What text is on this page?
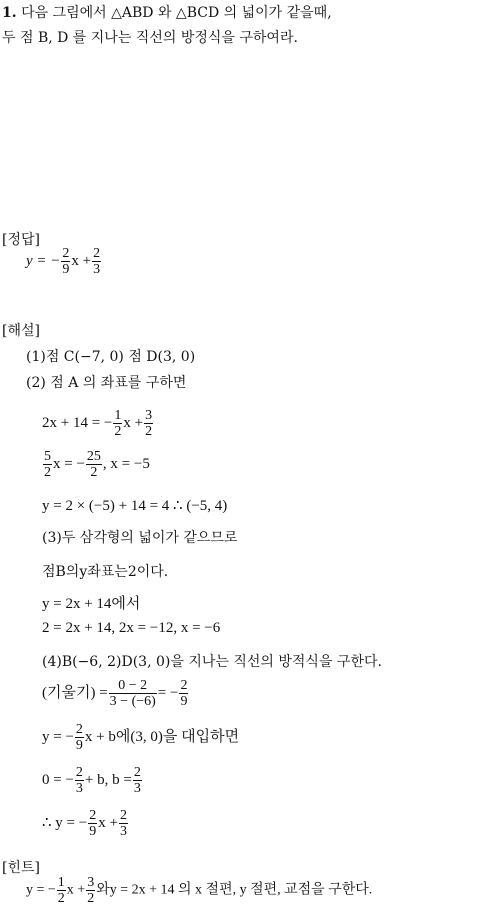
1. 다음 그림에서 △ABD 와 △BCD 의 넓이가 같을때,
두 점 B, D 를 지나는 직선의 방정식을 구하여라.
[정답]
y = − $\frac{2}{9}$ $x + \frac{2}{3}$
[해설]
(1)점 C(−7, 0) 점 D(3, 0)
(2) 점 A 의 좌표를 구하면
2x + 14 = − $\frac{1}{2}$ $x + \frac{3}{2}$
$\frac{5}{2}$ x = − $\frac{25}{2}$ , x = −5
y = 2 × (−5) + 14 = 4 ∴ (−5, 4)
(3)두 삼각형의 넓이가 같으므로
점B의y좌표는2이다.
y = 2x + 14에서
2 = 2x + 14, 2x = −12, x = −6
(4)B(−6, 2)D(3, 0)을 지나는 직선의 방적식을 구한다.
(기울기) = $\frac{0 - 2}{3 - (-6)}$ = − $\frac{2}{9}$
y = − $\frac{2}{9}$ x + b에(3, 0)을 대입하면
0 = − $\frac{2}{3} + b$, $b = \frac{2}{3}$
∴ y = − $\frac{2}{9}$ $x + \frac{2}{3}$
[힌트]
y = − $\frac{1}{2}$ $x + \frac{3}{2}$ 와y = 2x + 14 의 x 절편, y 절편, 교점을 구한다.
